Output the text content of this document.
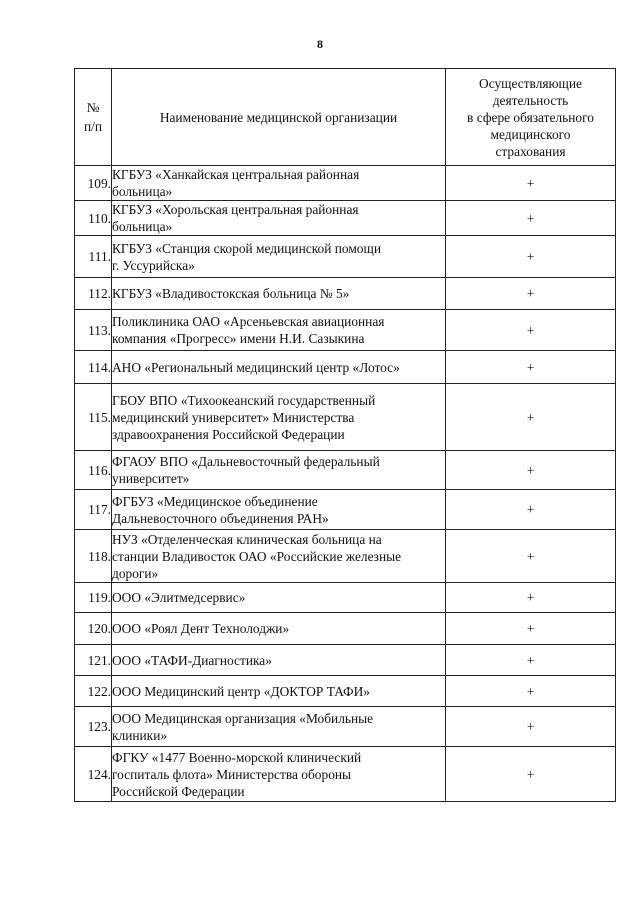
8
№
п/п	Наименование медицинской организации	Осуществляющие
деятельность
в сфере обязательного
медицинского
страхования

109.	КГБУЗ «Ханкайская центральная районная
больница»	+
110.	КГБУЗ «Хорольская центральная районная
больница»	+
111.	КГБУЗ «Станция скорой медицинской помощи
г. Уссурийска»	+
112.	КГБУЗ «Владивостокская больница № 5»	+
113.	Поликлиника ОАО «Арсеньевская авиационная
компания «Прогресс» имени Н.И. Сазыкина	+
114.	АНО «Региональный медицинский центр «Лотос»	+
115.	ГБОУ ВПО «Тихоокеанский государственный
медицинский университет» Министерства
здравоохранения Российской Федерации	+
116.	ФГАОУ ВПО «Дальневосточный федеральный
университет»	+
117.	ФГБУЗ «Медицинское объединение
Дальневосточного объединения РАН»	+
118.	НУЗ «Отделенческая клиническая больница на
станции Владивосток ОАО «Российские железные
дороги»	+
119.	ООО «Элитмедсервис»	+
120.	ООО «Роял Дент Технолоджи»	+
121.	ООО «ТАФИ-Диагностика»	+
122.	ООО Медицинский центр «ДОКТОР ТАФИ»	+
123.	ООО Медицинская организация «Мобильные
клиники»	+
124.	ФГКУ «1477 Военно-морской клинический
госпиталь флота» Министерства обороны
Российской Федерации	+
